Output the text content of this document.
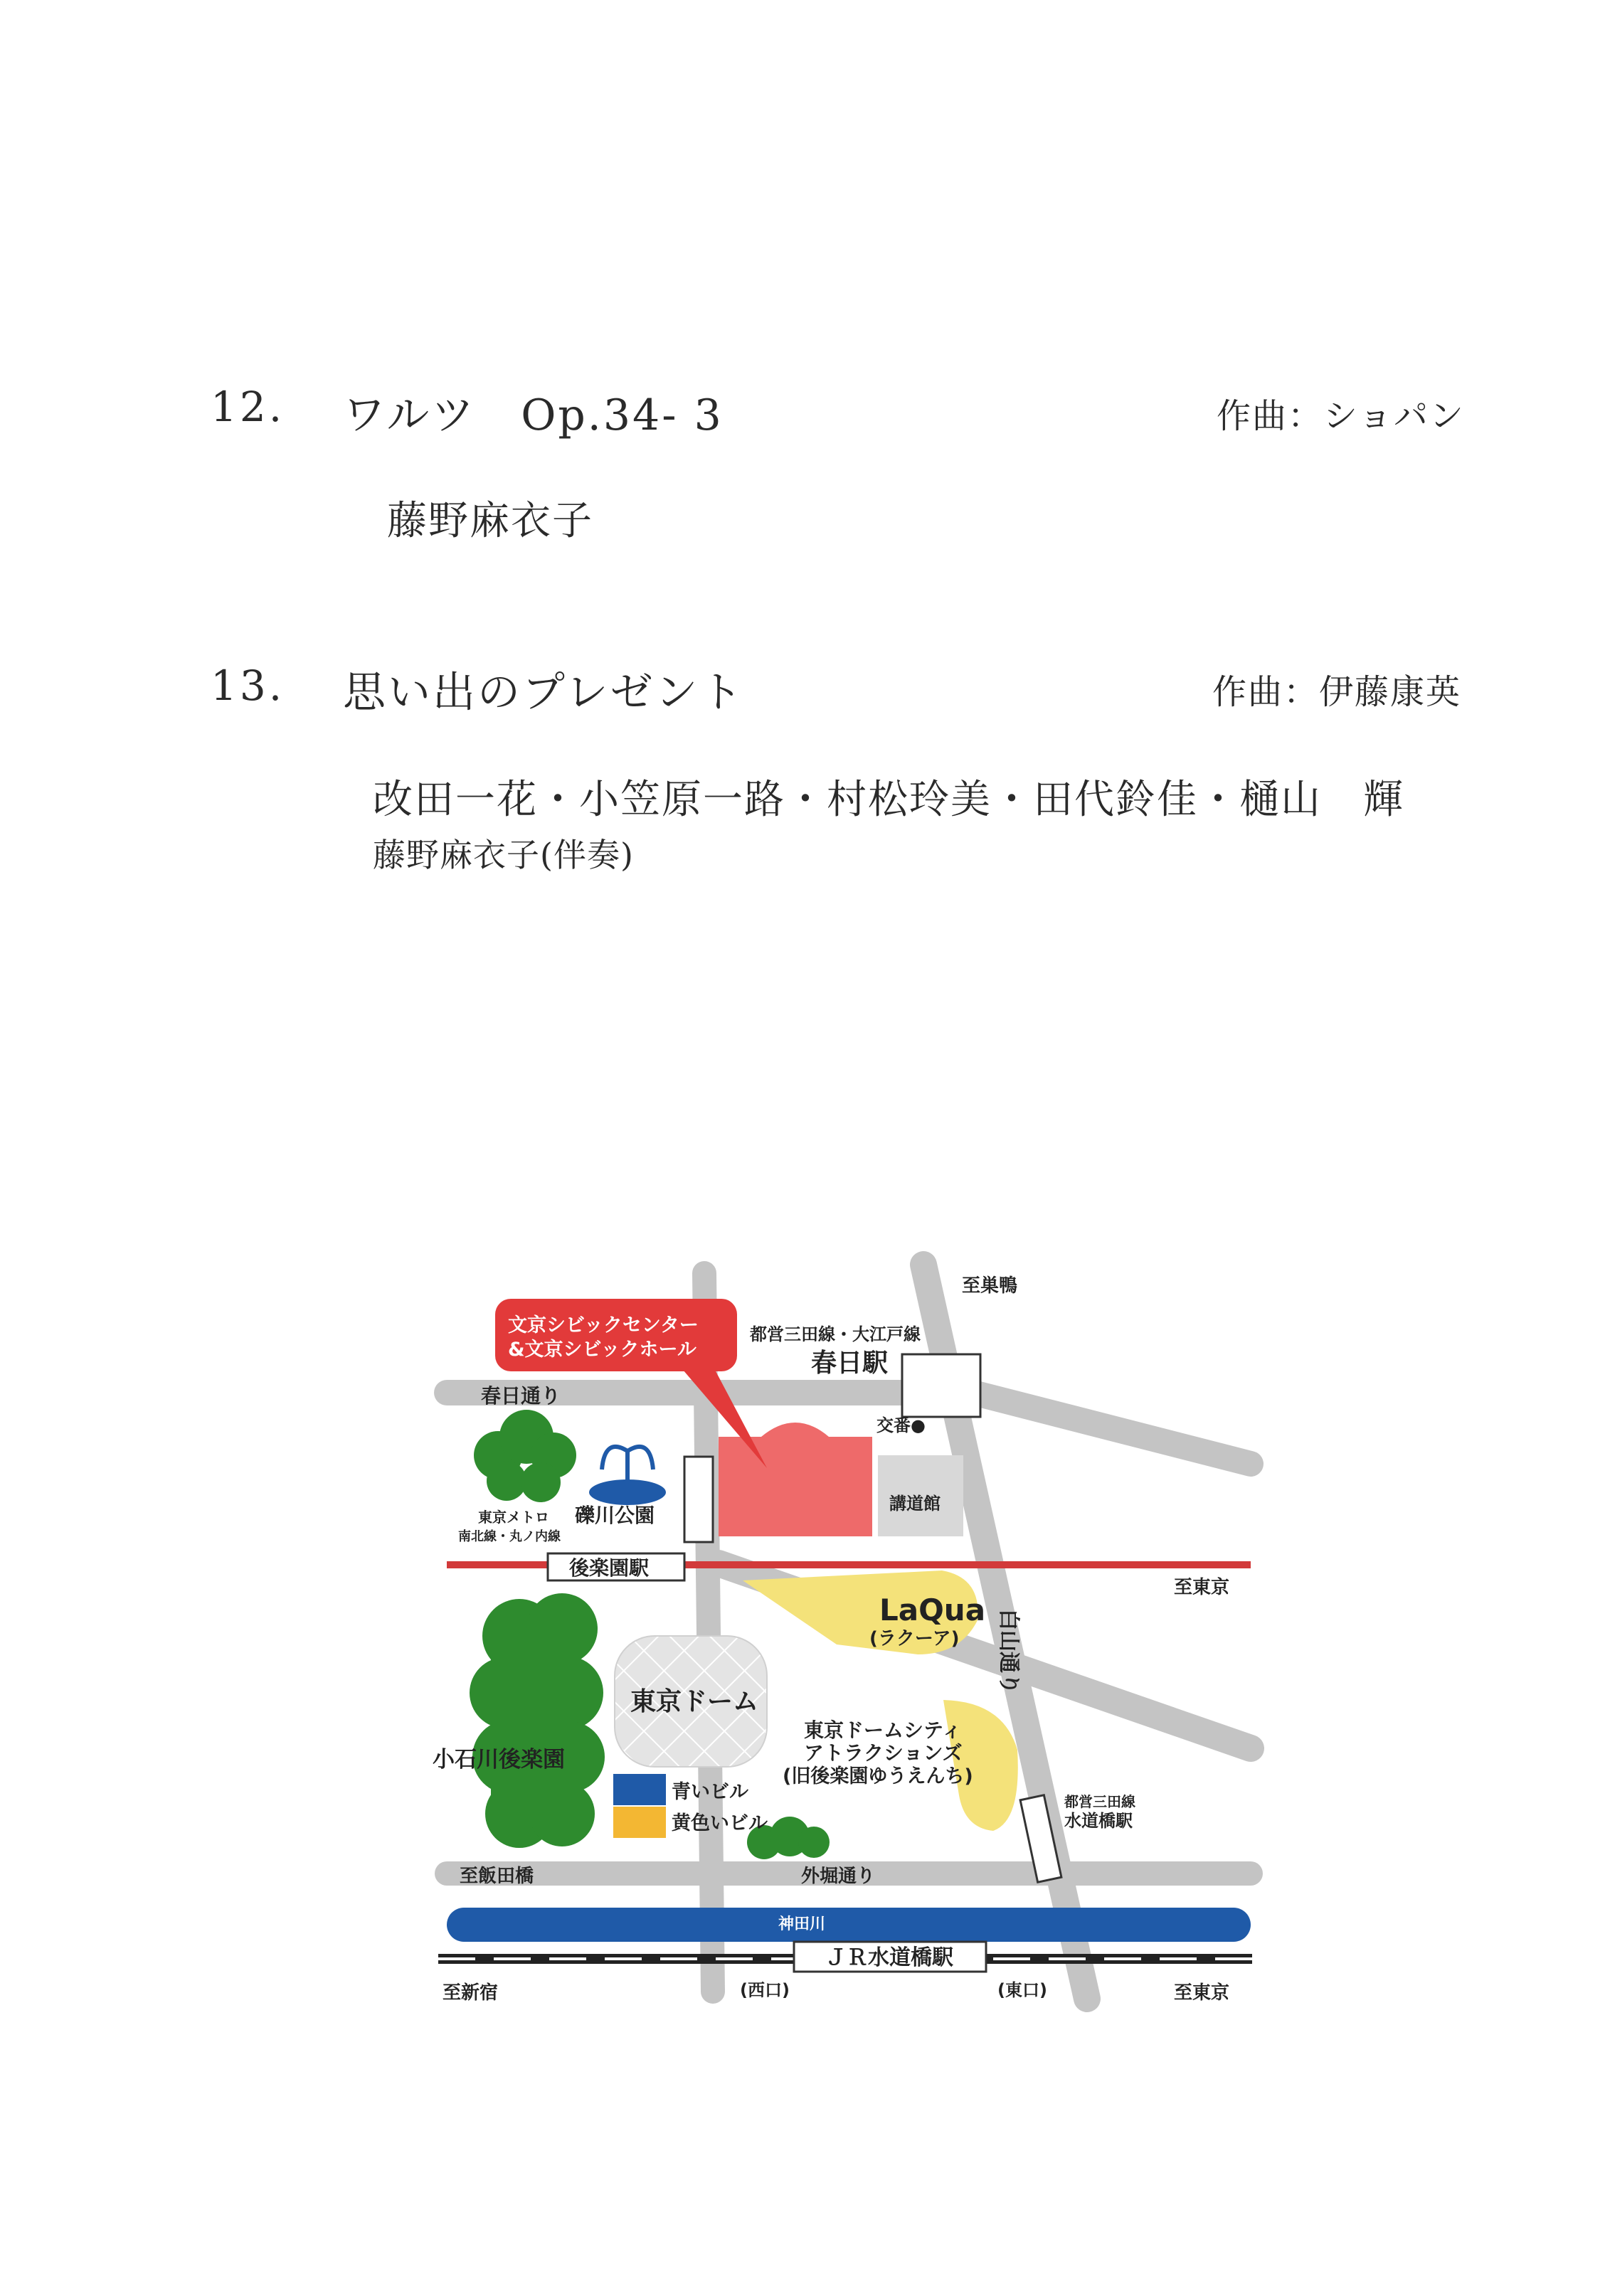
12. ワルツ　Op.34- 3	作曲：ショパン
藤野麻衣子
13. 思い出のプレゼント	作曲：伊藤康英
改田一花・小笠原一路・村松玲美・田代鈴佳・樋山　輝
藤野麻衣子(伴奏)
至巣鴨
文京シビックセンター
&文京シビックホール
都営三田線・大江戸線
春日駅
春日通り
交番●
講道館
東京メトロ
南北線・丸ノ内線
礫川公園
後楽園駅
至東京
LaQua
(ラクーア) 白山通り
東京ドーム
東京ドームシティ
アトラクションズ
(旧後楽園ゆうえんち)
小石川後楽園
青いビル
黄色いビル
都営三田線
水道橋駅
至飯田橋	外堀通り
神田川
ＪＲ水道橋駅
至新宿	(西口)	(東口)	至東京
